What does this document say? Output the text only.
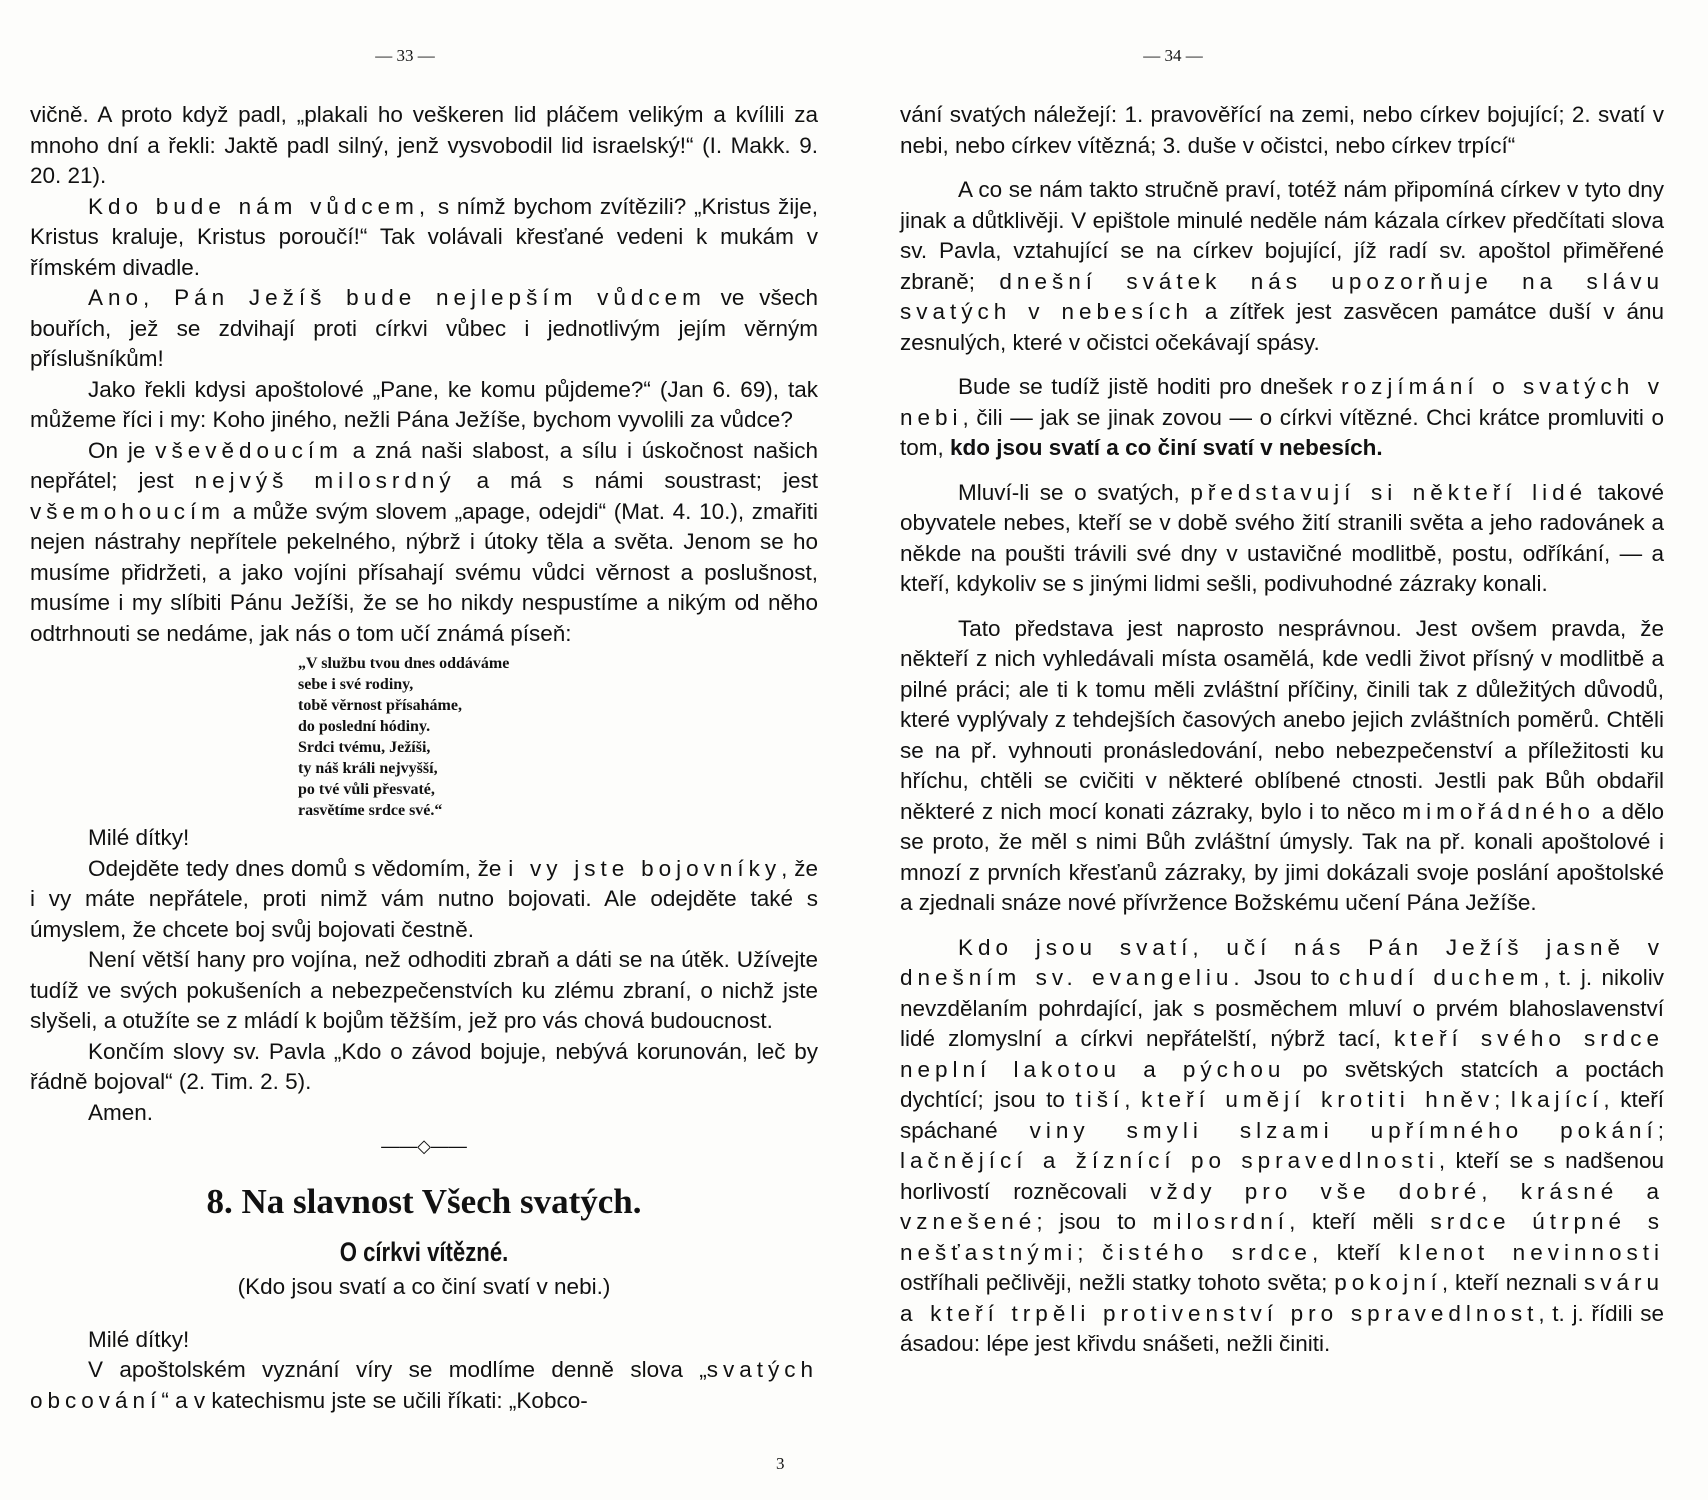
— 33 —

vičně. A proto když padl, „plakali ho veškeren lid pláčem velikým a kvílili za mnoho dní a řekli: Jaktě padl silný, jenž vysvobodil lid israelský!“ (I. Makk. 9. 20. 21).

Kdo bude nám vůdcem, s nímž bychom zvítězili? „Kristus žije, Kristus kraluje, Kristus poroučí!“ Tak volávali křesťané vedeni k mukám v římském divadle.

Ano, Pán Ježíš bude nejlepším vůdcem ve všech bouřích, jež se zdvihají proti církvi vůbec i jednotlivým jejím věrným příslušníkům!

Jako řekli kdysi apoštolové „Pane, ke komu půjdeme?“ (Jan 6. 69), tak můžeme říci i my: Koho jiného, nežli Pána Ježíše, bychom vyvolili za vůdce?

On je vševědoucím a zná naši slabost, a sílu i úskočnost našich nepřátel; jest nejvýš milosrdný a má s námi soustrast; jest všemohoucím a může svým slovem „apage, odejdi“ (Mat. 4. 10.), zmařiti nejen nástrahy nepřítele pekelného, nýbrž i útoky těla a světa. Jenom se ho musíme přidržeti, a jako vojíni přísahají svému vůdci věrnost a poslušnost, musíme i my slíbiti Pánu Ježíši, že se ho nikdy nespustíme a nikým od něho odtrhnouti se nedáme, jak nás o tom učí známá píseň:

„V službu tvou dnes oddáváme
sebe i své rodiny,
tobě věrnost přísaháme,
do poslední hódiny.
Srdci tvému, Ježíši,
ty náš králi nejvyšší,
po tvé vůli přesvaté,
rasvětíme srdce své.“

Milé dítky!

Odejděte tedy dnes domů s vědomím, že i vy jste bojovníky, že i vy máte nepřátele, proti nimž vám nutno bojovati. Ale odejděte také s úmyslem, že chcete boj svůj bojovati čestně.

Není větší hany pro vojína, než odhoditi zbraň a dáti se na útěk. Užívejte tudíž ve svých pokušeních a nebezpečenstvích ku zlému zbraní, o nichž jste slyšeli, a otužíte se z mládí k bojům těžším, jež pro vás chová budoucnost.

Končím slovy sv. Pavla „Kdo o závod bojuje, nebývá korunován, leč by řádně bojoval“ (2. Tim. 2. 5).

Amen.

——◇——
8. Na slavnost Všech svatých.
O církvi vítězné.
(Kdo jsou svatí a co činí svatí v nebi.)

Milé dítky!

V apoštolském vyznání víry se modlíme denně slova „svatých obcování“ a v katechismu jste se učili říkati: „Kobco-

3
— 34 —

vání svatých náležejí: 1. pravověřící na zemi, nebo církev bojující; 2. svatí v nebi, nebo církev vítězná; 3. duše v očistci, nebo církev trpící“

A co se nám takto stručně praví, totéž nám připomíná církev v tyto dny jinak a důtklivěji. V epištole minulé neděle nám kázala církev předčítati slova sv. Pavla, vztahující se na církev bojující, jíž radí sv. apoštol přiměřené zbraně; dnešní svátek nás upozorňuje na slávu svatých v nebesích a zítřek jest zasvěcen památce duší v ánu zesnulých, které v očistci očekávají spásy.

Bude se tudíž jistě hoditi pro dnešek rozjímání o svatých v nebi, čili — jak se jinak zovou — o církvi vítězné. Chci krátce promluviti o tom, kdo jsou svatí a co činí svatí v nebesích.

Mluví-li se o svatých, představují si někteří lidé takové obyvatele nebes, kteří se v době svého žití stranili světa a jeho radovánek a někde na poušti trávili své dny v ustavičné modlitbě, postu, odříkání, — a kteří, kdykoliv se s jinými lidmi sešli, podivuhodné zázraky konali.

Tato představa jest naprosto nesprávnou. Jest ovšem pravda, že někteří z nich vyhledávali místa osamělá, kde vedli život přísný v modlitbě a pilné práci; ale ti k tomu měli zvláštní příčiny, činili tak z důležitých důvodů, které vyplývaly z tehdejších časových anebo jejich zvláštních poměrů. Chtěli se na př. vyhnouti pronásledování, nebo nebezpečenství a příležitosti ku hříchu, chtěli se cvičiti v některé oblíbené ctnosti. Jestli pak Bůh obdařil některé z nich mocí konati zázraky, bylo i to něco mimořádného a dělo se proto, že měl s nimi Bůh zvláštní úmysly. Tak na př. konali apoštolové i mnozí z prvních křesťanů zázraky, by jimi dokázali svoje poslání apoštolské a zjednali snáze nové přívržence Božskému učení Pána Ježíše.

Kdo jsou svatí, učí nás Pán Ježíš jasně v dnešním sv. evangeliu. Jsou to chudí duchem, t. j. nikoliv nevzdělaním pohrdající, jak s posměchem mluví o prvém blahoslavenství lidé zlomyslní a církvi nepřátelští, nýbrž tací, kteří svého srdce neplní lakotou a pýchou po světských statcích a poctách dychtící; jsou to tiší, kteří umějí krotiti hněv; lkající, kteří spáchané viny smyli slzami upřímného pokání; lačnějící a žíznící po spravedlnosti, kteří se s nadšenou horlivostí rozněcovali vždy pro vše dobré, krásné a vznešené; jsou to milosrdní, kteří měli srdce útrpné s nešťastnými; čistého srdce, kteří klenot nevinnosti ostříhali pečlivěji, nežli statky tohoto světa; pokojní, kteří neznali sváru a kteří trpěli protivenství pro spravedlnost, t. j. řídili se ásadou: lépe jest křivdu snášeti, nežli činiti.
